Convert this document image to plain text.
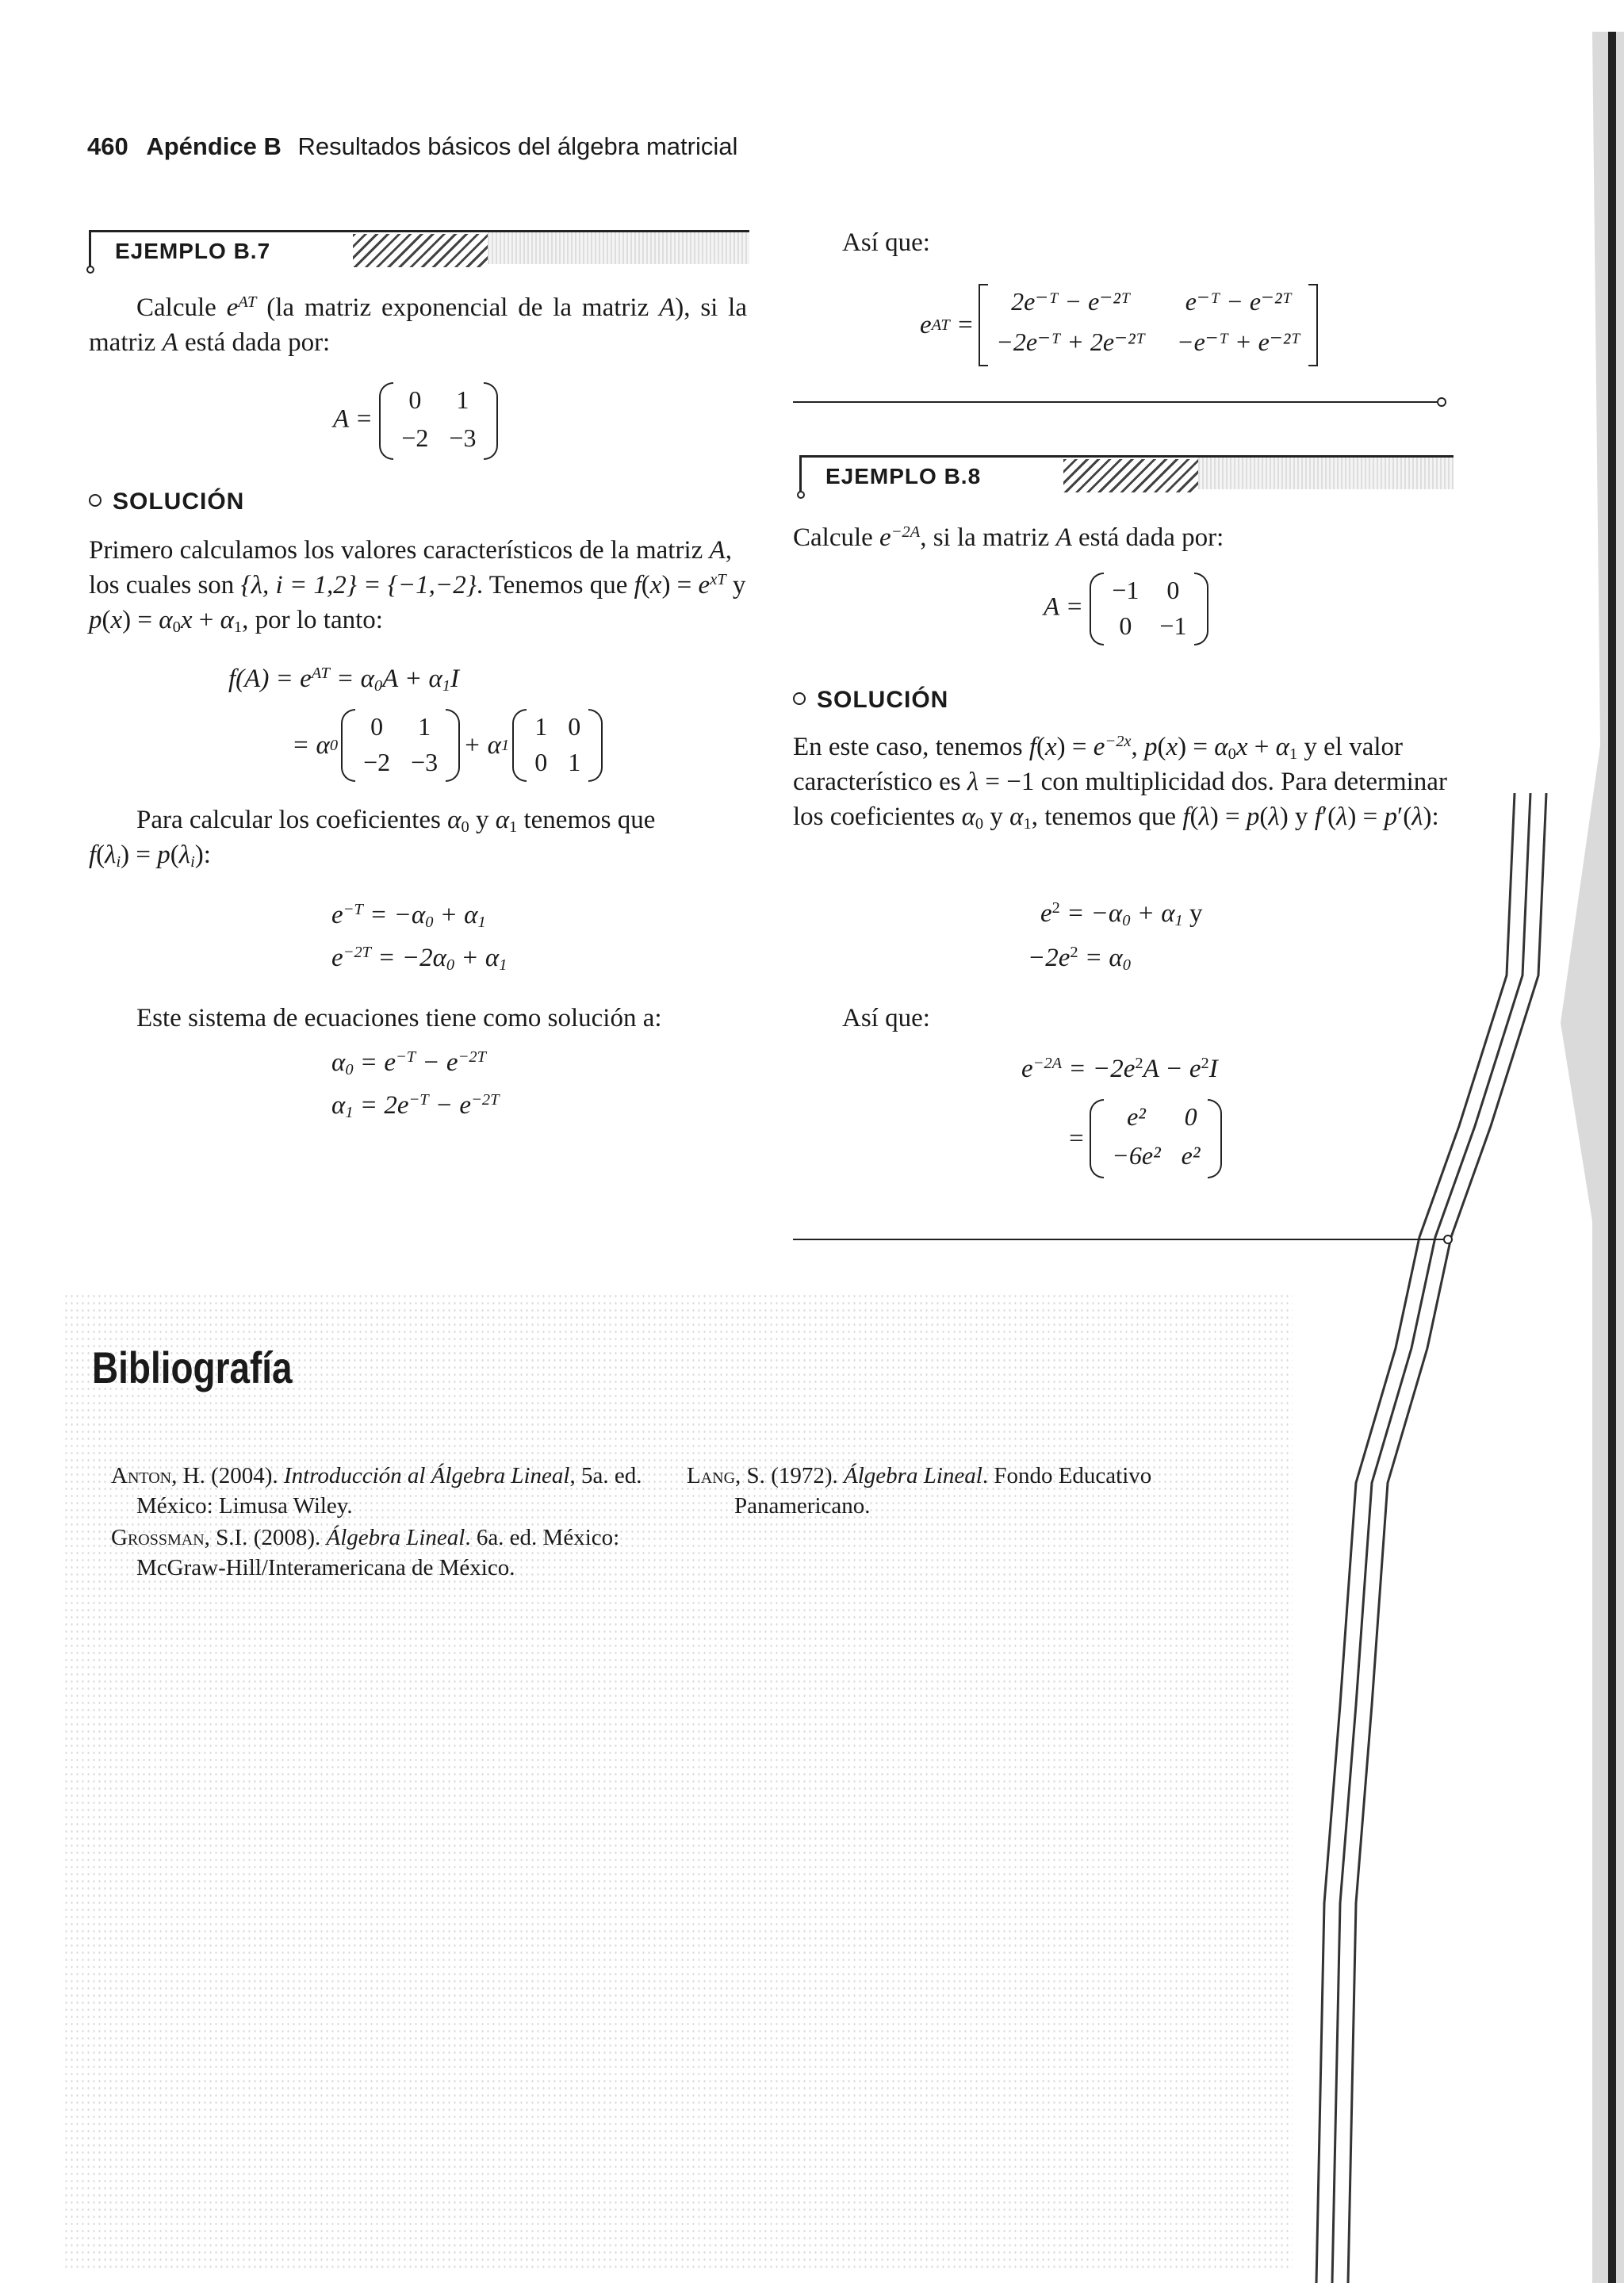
460 Apéndice B Resultados básicos del álgebra matricial
EJEMPLO B.7
Calcule $e^{AT}$ (la matriz exponencial de la matriz A), si la matriz A está dada por:
A =
0 1
−2 −3
SOLUCIÓN
Primero calculamos los valores característicos de la matriz A, los cuales son {λ, i = 1,2} = {−1,−2}. Tenemos que $f(x) = e^{xT}$ y
$p(x) = \alpha_0x + \alpha_1$, por lo tanto:
$f(A) = e^{AT} = \alpha_0A + \alpha_1I$
= α 0
0 1
−2 −3
+ α 1
1 0
0 1
Para calcular los coeficientes $\alpha_0$ y $\alpha_1$ tenemos que
$f(\lambda_i) = p(\lambda_i)$:
$e^{-T} = -\alpha_0 + \alpha_1$
$e^{-2T} = -2\alpha_0 + \alpha_1$
Este sistema de ecuaciones tiene como solución a:
$\alpha_0 = e^{-T} - e^{-2T}$
$\alpha_1 = 2e^{-T} - e^{-2T}$
Así que:
e AT =
2e⁻ᵀ − e⁻²ᵀ	e⁻ᵀ − e⁻²ᵀ
−2e⁻ᵀ + 2e⁻²ᵀ −e⁻ᵀ + e⁻²ᵀ
EJEMPLO B.8
Calcule $e^{-2A}$, si la matriz A está dada por:
A =
−1 0
0 −1
SOLUCIÓN
En este caso, tenemos $f(x) = e^{-2x}$, $p(x) = \alpha_0x + \alpha_1$ y el valor característico es λ = −1 con multiplicidad dos. Para determinar los coeficientes $\alpha_0$ y $\alpha_1$, tenemos que f(λ) = p(λ) y f′(λ) = p′(λ):
$e^2 = -\alpha_0 + \alpha_1$ y
$-2e^2 = \alpha_0$
Así que:
$e^{-2A} = -2e^2A - e^2I$
=
e²	0
−6e² e²
Bibliografía
Anton, H. (2004). Introducción al Álgebra Lineal, 5a. ed. México: Limusa Wiley.
Grossman, S.I. (2008). Álgebra Lineal. 6a. ed. México: McGraw-Hill/Interamericana de México.
Lang, S. (1972). Álgebra Lineal. Fondo Educativo Panamericano.
